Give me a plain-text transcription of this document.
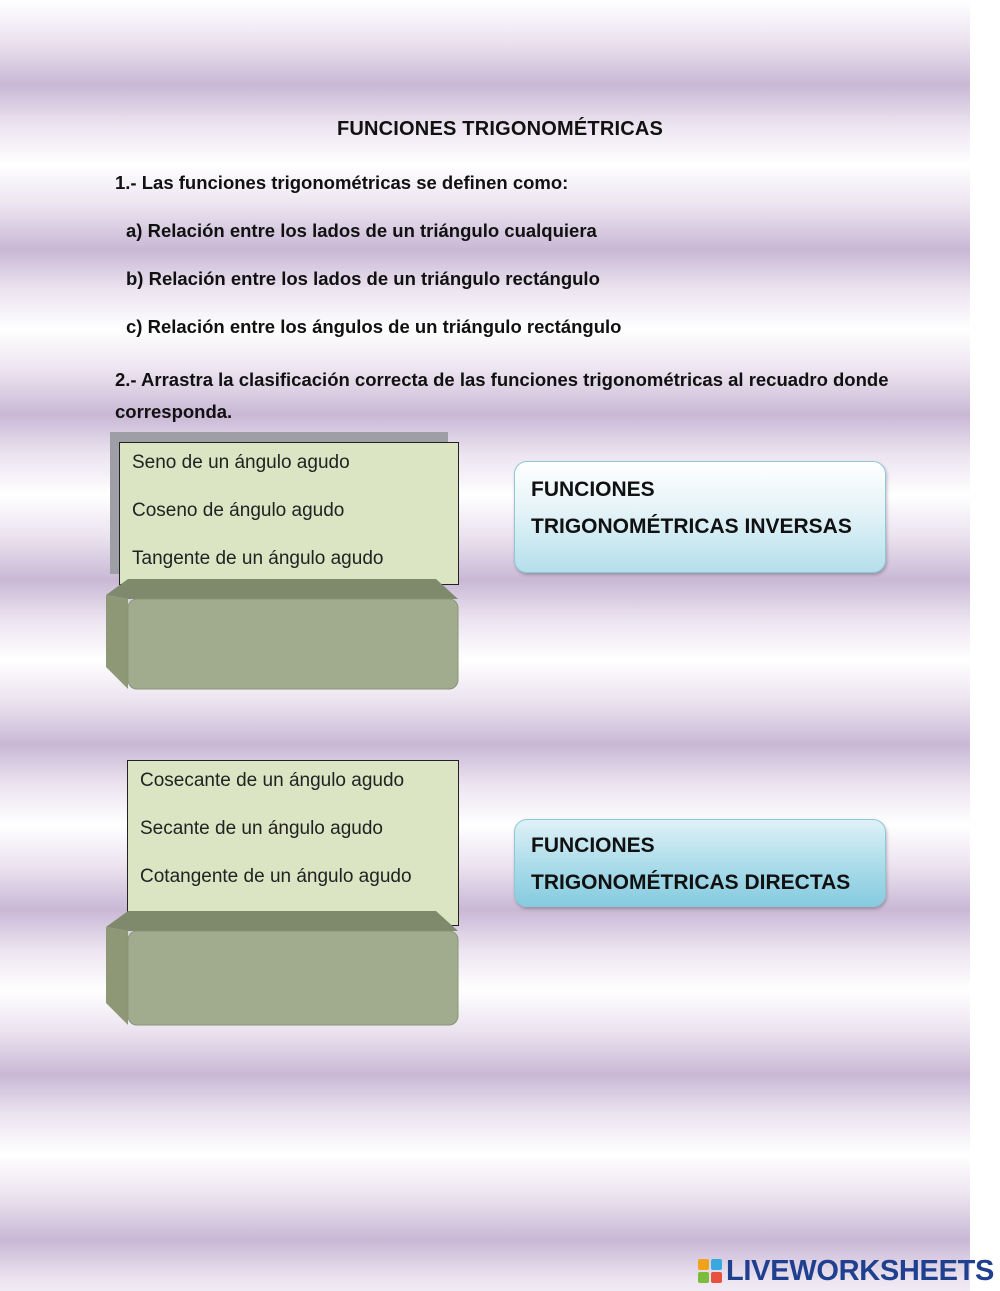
FUNCIONES TRIGONOMÉTRICAS
1.- Las funciones trigonométricas se definen como:
a) Relación entre los lados de un triángulo cualquiera
b) Relación entre los lados de un triángulo rectángulo
c) Relación entre los ángulos de un triángulo rectángulo
2.- Arrastra la clasificación correcta de las funciones trigonométricas al recuadro donde corresponda.
Seno de un ángulo agudo
Coseno de ángulo agudo
Tangente de un ángulo agudo
Cosecante de un ángulo agudo
Secante de un ángulo agudo
Cotangente de un ángulo agudo
FUNCIONES
TRIGONOMÉTRICAS INVERSAS
FUNCIONES
TRIGONOMÉTRICAS DIRECTAS
LIVEWORKSHEETS
